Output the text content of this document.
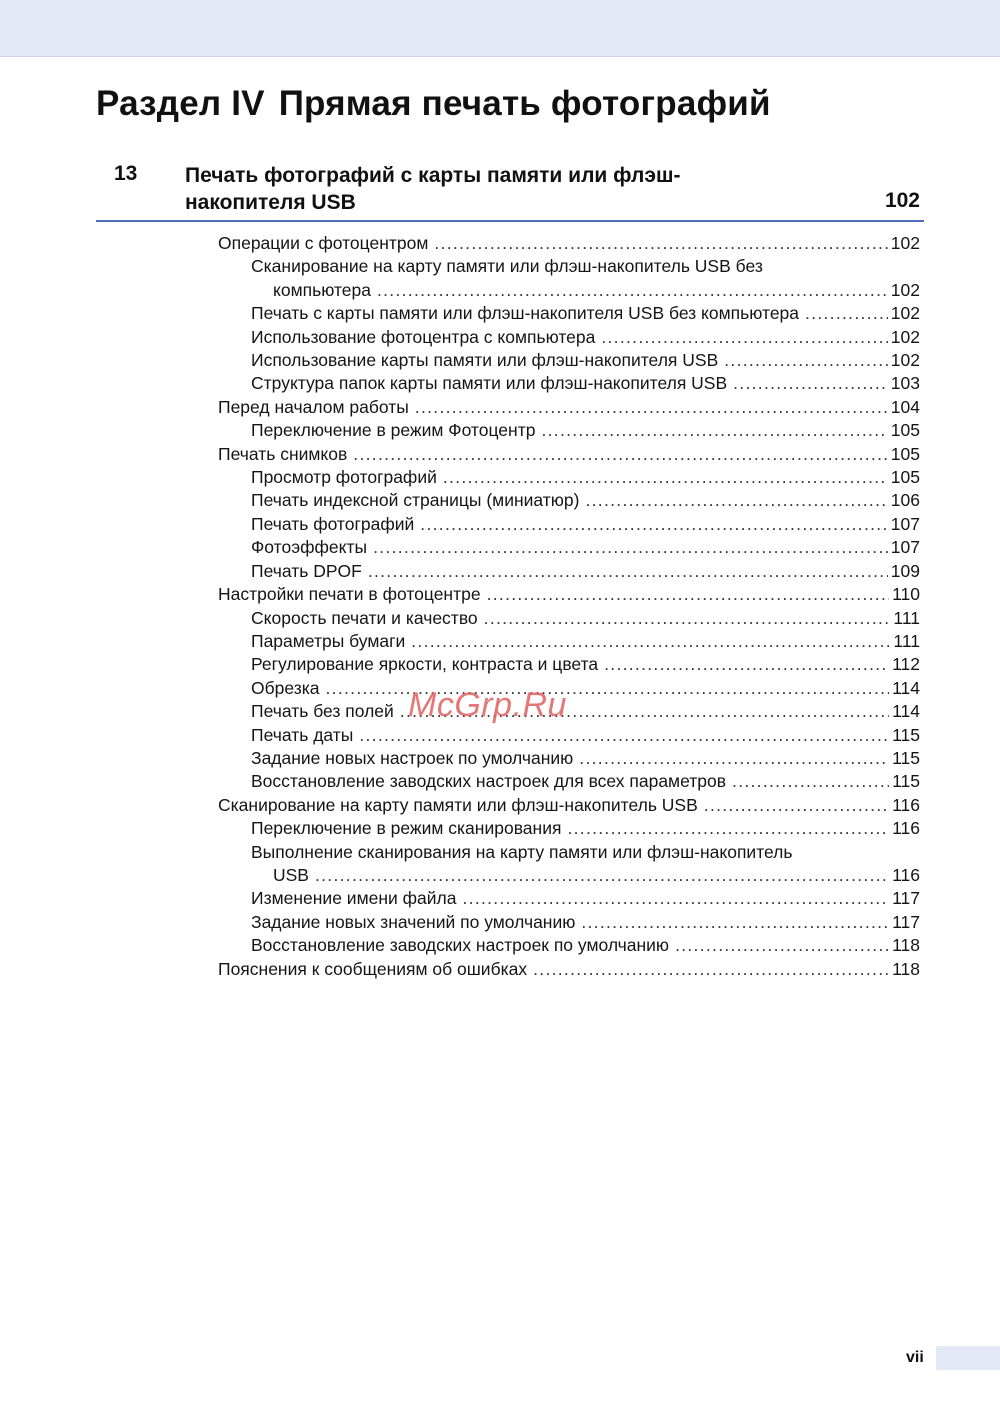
Раздел IV Прямая печать фотографий
13 Печать фотографий с карты памяти или флэш-накопителя USB	102
Операции с фотоцентром .....	102
Сканирование на карту памяти или флэш-накопитель USB без
компьютера .....	102
Печать с карты памяти или флэш-накопителя USB без компьютера .....	102
Использование фотоцентра с компьютера .....	102
Использование карты памяти или флэш-накопителя USB .....	102
Структура папок карты памяти или флэш-накопителя USB .....	103
Перед началом работы .....	104
Переключение в режим Фотоцентр .....	105
Печать снимков .....	105
Просмотр фотографий .....	105
Печать индексной страницы (миниатюр) .....	106
Печать фотографий .....	107
Фотоэффекты .....	107
Печать DPOF .....	109
Настройки печати в фотоцентре .....	110
Скорость печати и качество .....	111
Параметры бумаги .....	111
Регулирование яркости, контраста и цвета .....	112
Обрезка .....	114
Печать без полей .....	114
Печать даты .....	115
Задание новых настроек по умолчанию .....	115
Восстановление заводских настроек для всех параметров .....	115
Сканирование на карту памяти или флэш-накопитель USB .....	116
Переключение в режим сканирования .....	116
Выполнение сканирования на карту памяти или флэш-накопитель
USB .....	116
Изменение имени файла .....	117
Задание новых значений по умолчанию .....	117
Восстановление заводских настроек по умолчанию .....	118
Пояснения к сообщениям об ошибках .....	118
McGrp.Ru
vii
